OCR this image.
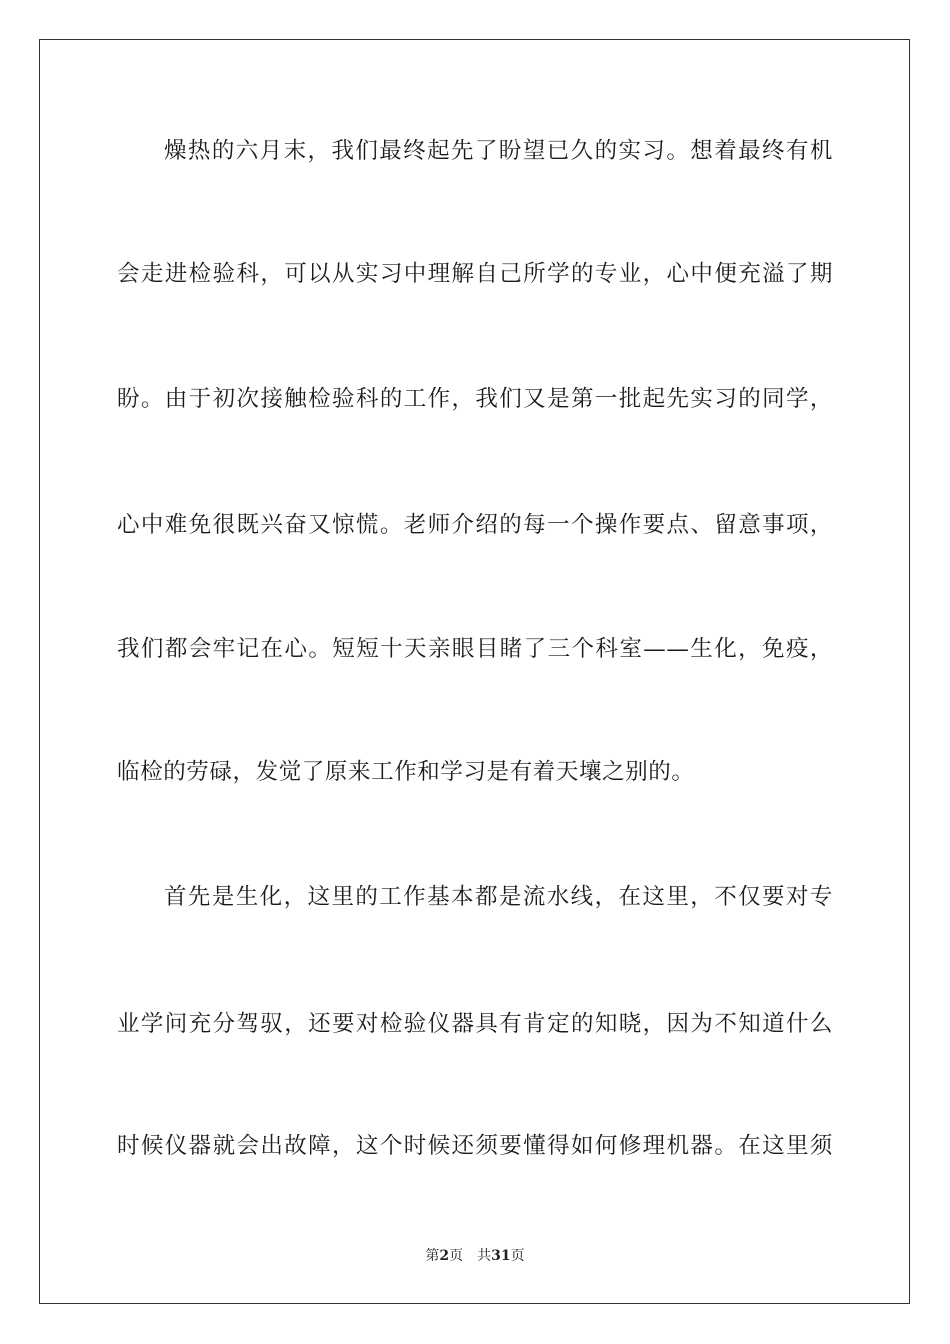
燥热的六月末，我们最终起先了盼望已久的实习。想着最终有机
会走进检验科，可以从实习中理解自己所学的专业，心中便充溢了期
盼。由于初次接触检验科的工作，我们又是第一批起先实习的同学，
心中难免很既兴奋又惊慌。老师介绍的每一个操作要点、留意事项，
我们都会牢记在心。短短十天亲眼目睹了三个科室——生化，免疫，
临检的劳碌，发觉了原来工作和学习是有着天壤之别的。
首先是生化，这里的工作基本都是流水线，在这里，不仅要对专
业学问充分驾驭，还要对检验仪器具有肯定的知晓，因为不知道什么
时候仪器就会出故障，这个时候还须要懂得如何修理机器。在这里须
第2页 共31页
